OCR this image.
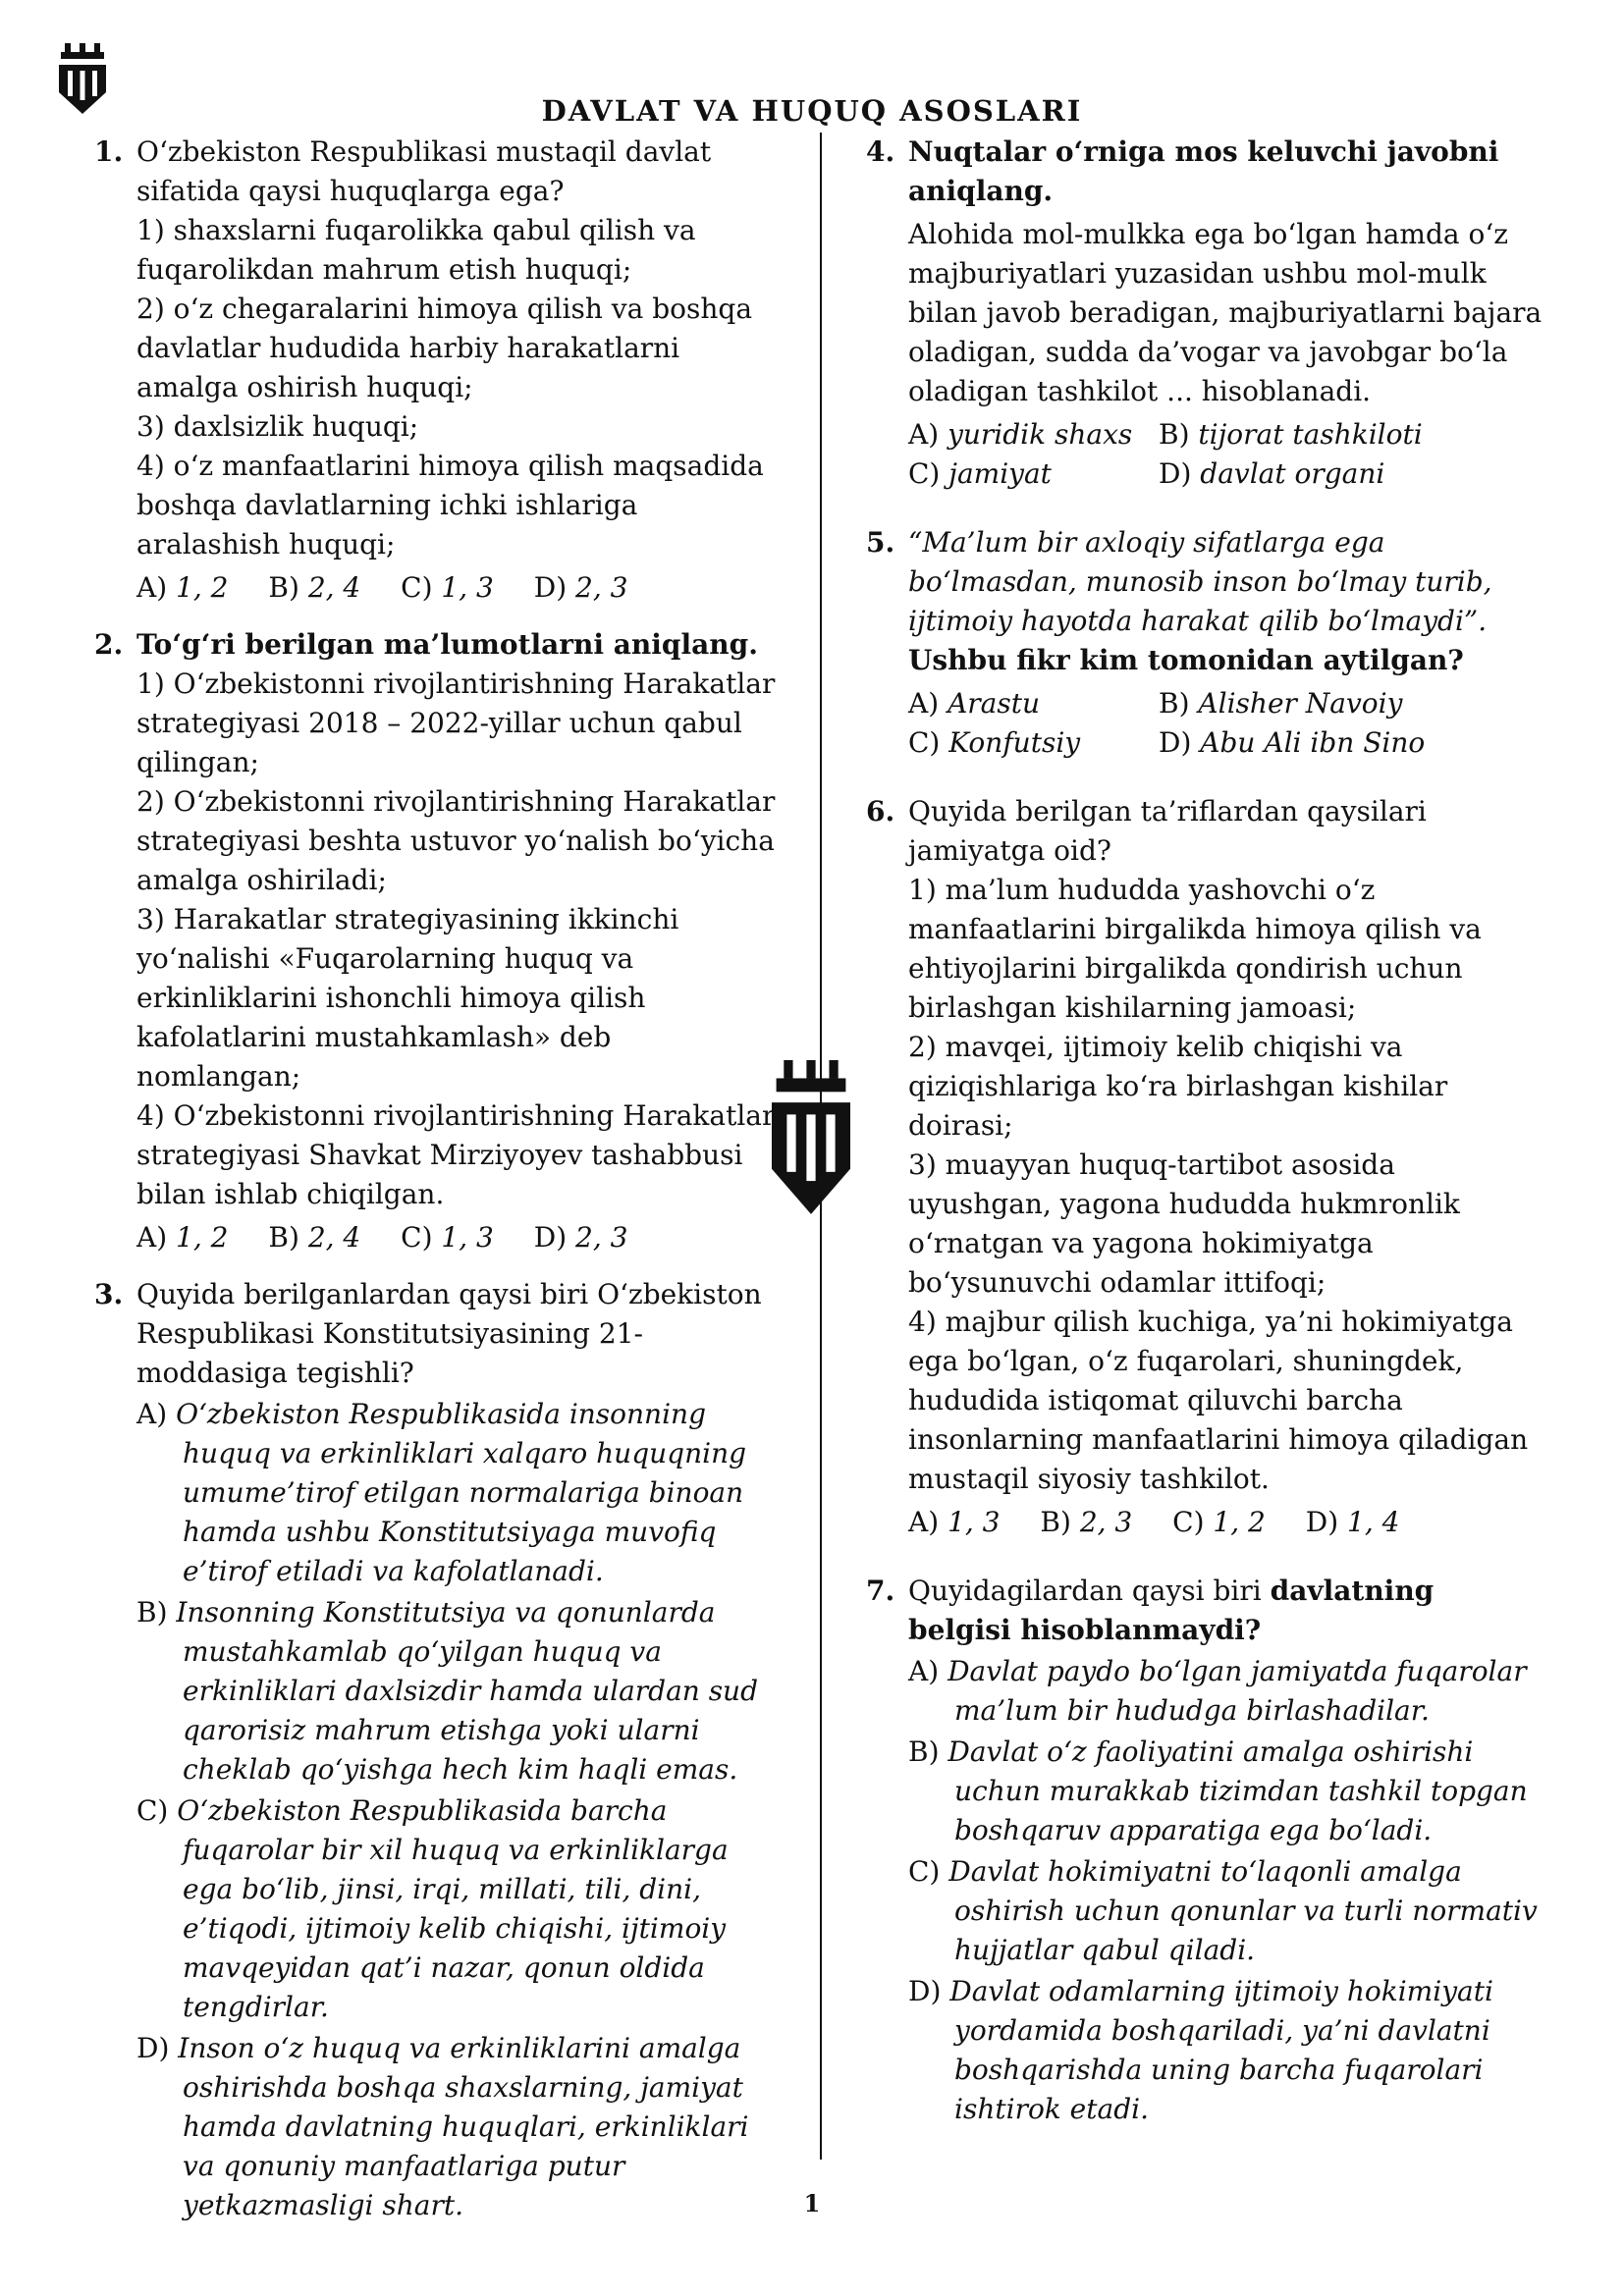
DAVLAT VA HUQUQ ASOSLARI
1. O‘zbekiston Respublikasi mustaqil davlat sifatida qaysi huquqlarga ega?
1) shaxslarni fuqarolikka qabul qilish va fuqarolikdan mahrum etish huquqi;
2) o‘z chegaralarini himoya qilish va boshqa davlatlar hududida harbiy harakatlarni amalga oshirish huquqi;
3) daxlsizlik huquqi;
4) o‘z manfaatlarini himoya qilish maqsadida boshqa davlatlarning ichki ishlariga aralashish huquqi;
A) 1, 2 B) 2, 4 C) 1, 3 D) 2, 3
2. To‘g‘ri berilgan ma’lumotlarni aniqlang.
1) O‘zbekistonni rivojlantirishning Harakatlar strategiyasi 2018 – 2022-yillar uchun qabul qilingan;
2) O‘zbekistonni rivojlantirishning Harakatlar strategiyasi beshta ustuvor yo‘nalish bo‘yicha amalga oshiriladi;
3) Harakatlar strategiyasining ikkinchi yo‘nalishi «Fuqarolarning huquq va erkinliklarini ishonchli himoya qilish kafolatlarini mustahkamlash» deb nomlangan;
4) O‘zbekistonni rivojlantirishning Harakatlar strategiyasi Shavkat Mirziyoyev tashabbusi bilan ishlab chiqilgan.
A) 1, 2 B) 2, 4 C) 1, 3 D) 2, 3
3. Quyida berilganlardan qaysi biri O‘zbekiston Respublikasi Konstitutsiyasining 21-moddasiga tegishli?
A) O‘zbekiston Respublikasida insonning huquq va erkinliklari xalqaro huquqning umume’tirof etilgan normalariga binoan hamda ushbu Konstitutsiyaga muvofiq e’tirof etiladi va kafolatlanadi.
B) Insonning Konstitutsiya va qonunlarda mustahkamlab qo‘yilgan huquq va erkinliklari daxlsizdir hamda ulardan sud qarorisiz mahrum etishga yoki ularni cheklab qo‘yishga hech kim haqli emas.
C) O‘zbekiston Respublikasida barcha fuqarolar bir xil huquq va erkinliklarga ega bo‘lib, jinsi, irqi, millati, tili, dini, e’tiqodi, ijtimoiy kelib chiqishi, ijtimoiy mavqeyidan qat’i nazar, qonun oldida tengdirlar.
D) Inson o‘z huquq va erkinliklarini amalga oshirishda boshqa shaxslarning, jamiyat hamda davlatning huquqlari, erkinliklari va qonuniy manfaatlariga putur yetkazmasligi shart.
4. Nuqtalar o‘rniga mos keluvchi javobni aniqlang.
Alohida mol-mulkka ega bo‘lgan hamda o‘z majburiyatlari yuzasidan ushbu mol-mulk bilan javob beradigan, majburiyatlarni bajara oladigan, sudda da’vogar va javobgar bo‘la oladigan tashkilot ... hisoblanadi.
A) yuridik shaxs B) tijorat tashkiloti
C) jamiyat	D) davlat organi
5. “Ma’lum bir axloqiy sifatlarga ega bo‘lmasdan, munosib inson bo‘lmay turib, ijtimoiy hayotda harakat qilib bo‘lmaydi”.
Ushbu fikr kim tomonidan aytilgan?
A) Arastu	B) Alisher Navoiy
C) Konfutsiy	D) Abu Ali ibn Sino
6. Quyida berilgan ta’riflardan qaysilari jamiyatga oid?
1) ma’lum hududda yashovchi o‘z manfaatlarini birgalikda himoya qilish va ehtiyojlarini birgalikda qondirish uchun birlashgan kishilarning jamoasi;
2) mavqei, ijtimoiy kelib chiqishi va qiziqishlariga ko‘ra birlashgan kishilar doirasi;
3) muayyan huquq-tartibot asosida uyushgan, yagona hududda hukmronlik o‘rnatgan va yagona hokimiyatga bo‘ysunuvchi odamlar ittifoqi;
4) majbur qilish kuchiga, ya’ni hokimiyatga ega bo‘lgan, o‘z fuqarolari, shuningdek, hududida istiqomat qiluvchi barcha insonlarning manfaatlarini himoya qiladigan mustaqil siyosiy tashkilot.
A) 1, 3 B) 2, 3 C) 1, 2 D) 1, 4
7. Quyidagilardan qaysi biri davlatning belgisi hisoblanmaydi?
A) Davlat paydo bo‘lgan jamiyatda fuqarolar ma’lum bir hududga birlashadilar.
B) Davlat o‘z faoliyatini amalga oshirishi uchun murakkab tizimdan tashkil topgan boshqaruv apparatiga ega bo‘ladi.
C) Davlat hokimiyatni to‘laqonli amalga oshirish uchun qonunlar va turli normativ hujjatlar qabul qiladi.
D) Davlat odamlarning ijtimoiy hokimiyati yordamida boshqariladi, ya’ni davlatni boshqarishda uning barcha fuqarolari ishtirok etadi.
1
